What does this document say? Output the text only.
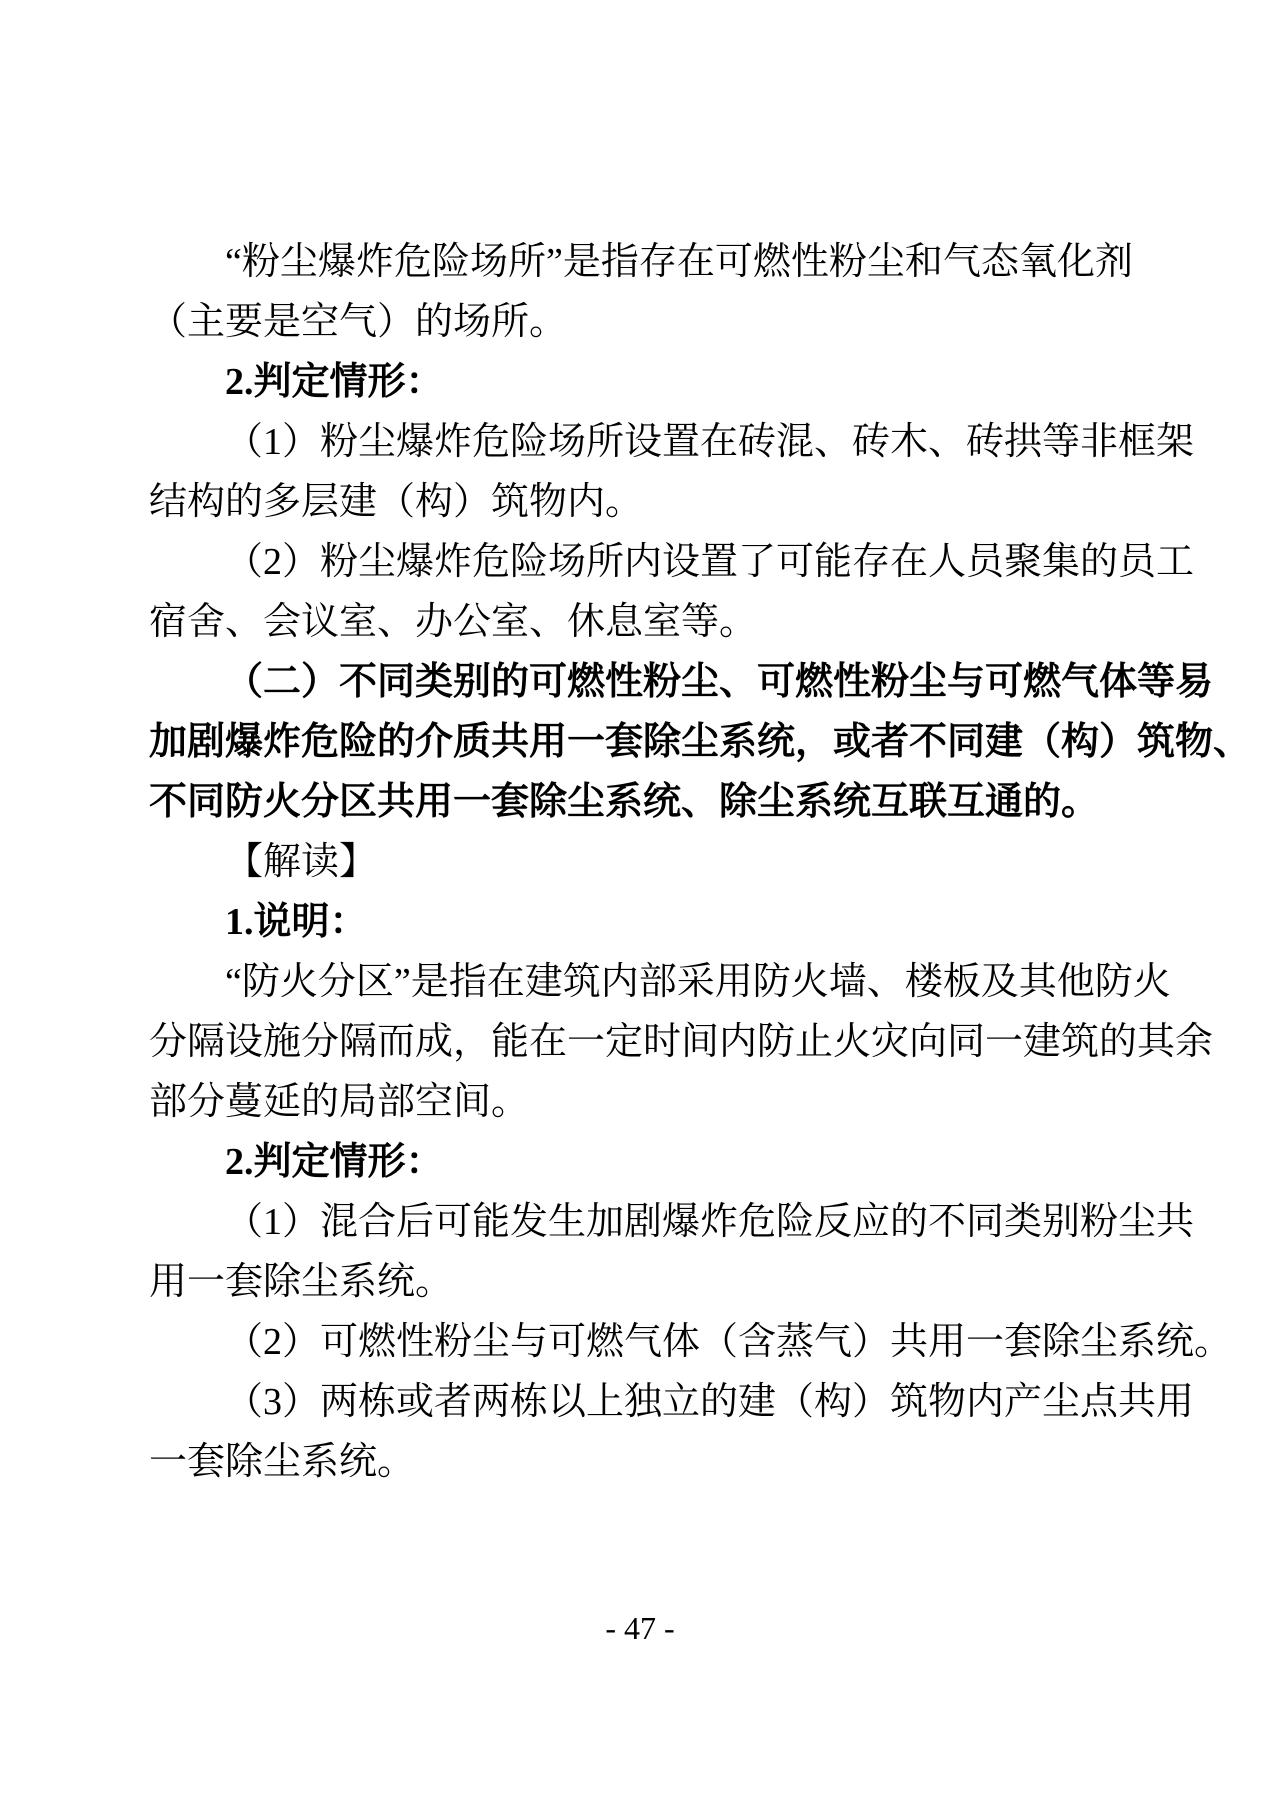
“粉尘爆炸危险场所”是指存在可燃性粉尘和气态氧化剂
（主要是空气）的场所。
2.判定情形：
（1）粉尘爆炸危险场所设置在砖混、砖木、砖拱等非框架
结构的多层建（构）筑物内。
（2）粉尘爆炸危险场所内设置了可能存在人员聚集的员工
宿舍、会议室、办公室、休息室等。
（二）不同类别的可燃性粉尘、可燃性粉尘与可燃气体等易
加剧爆炸危险的介质共用一套除尘系统，或者不同建（构）筑物、
不同防火分区共用一套除尘系统、除尘系统互联互通的。
【解读】
1.说明：
“防火分区”是指在建筑内部采用防火墙、楼板及其他防火
分隔设施分隔而成，能在一定时间内防止火灾向同一建筑的其余
部分蔓延的局部空间。
2.判定情形：
（1）混合后可能发生加剧爆炸危险反应的不同类别粉尘共
用一套除尘系统。
（2）可燃性粉尘与可燃气体（含蒸气）共用一套除尘系统。
（3）两栋或者两栋以上独立的建（构）筑物内产尘点共用
一套除尘系统。
- 47 -
